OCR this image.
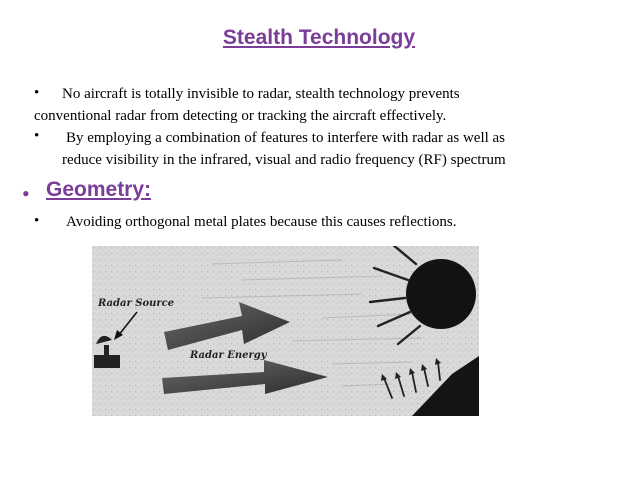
Stealth Technology
• No aircraft is totally invisible to radar, stealth technology prevents
conventional radar from detecting or tracking the aircraft effectively.
• By employing a combination of features to interfere with radar as well as
reduce visibility in the infrared, visual and radio frequency (RF) spectrum
• Geometry:
• Avoiding orthogonal metal plates because this causes reflections.
Radar Source
Radar Energy
